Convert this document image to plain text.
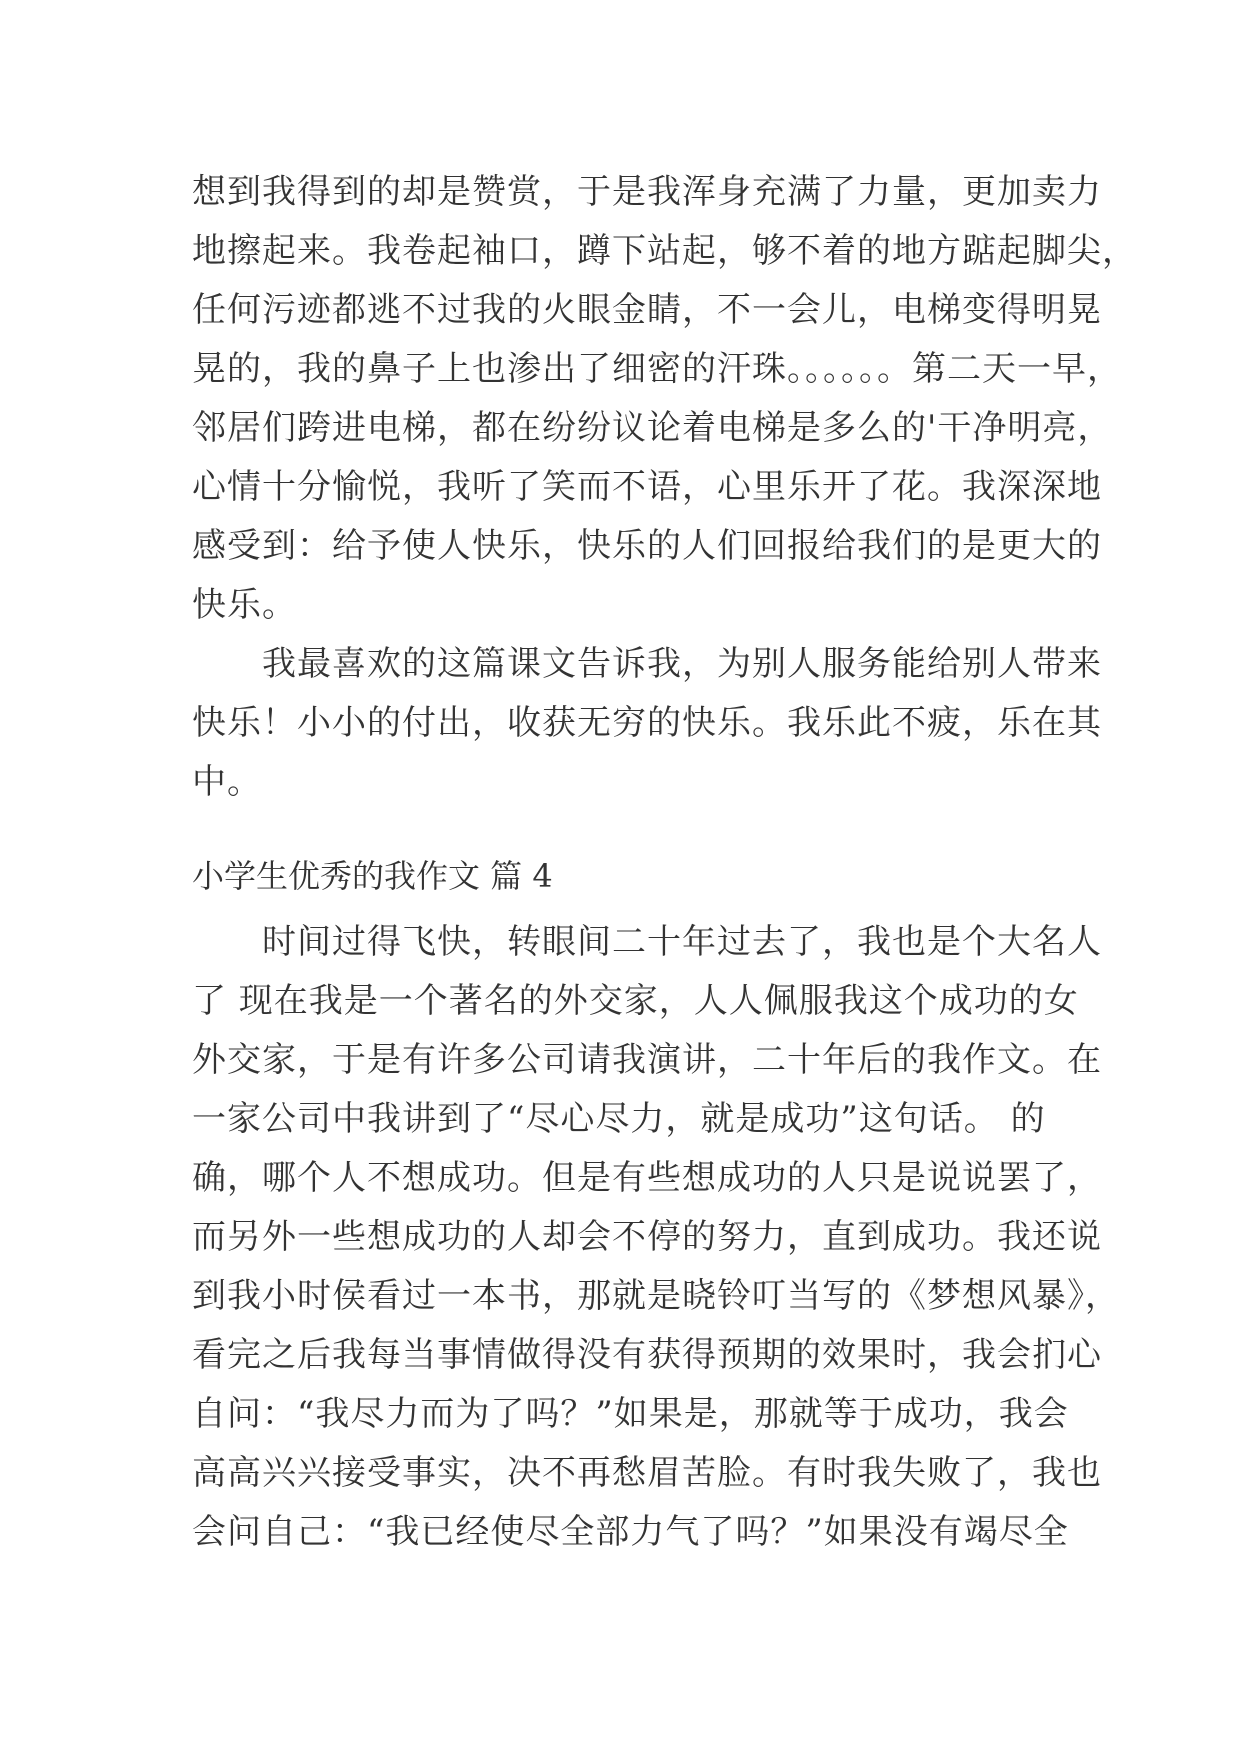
想到我得到的却是赞赏，于是我浑身充满了力量，更加卖力
地擦起来。我卷起袖口，蹲下站起，够不着的地方踮起脚尖，
任何污迹都逃不过我的火眼金睛，不一会儿，电梯变得明晃
晃的，我的鼻子上也渗出了细密的汗珠。。。。。。第二天一早，
邻居们跨进电梯，都在纷纷议论着电梯是多么的'干净明亮，
心情十分愉悦，我听了笑而不语，心里乐开了花。我深深地
感受到：给予使人快乐，快乐的人们回报给我们的是更大的
快乐。
　　我最喜欢的这篇课文告诉我，为别人服务能给别人带来
快乐！小小的付出，收获无穷的快乐。我乐此不疲，乐在其
中。
小学生优秀的我作文 篇 4
　　时间过得飞快，转眼间二十年过去了，我也是个大名人
了 现在我是一个著名的外交家，人人佩服我这个成功的女
外交家，于是有许多公司请我演讲，二十年后的我作文。在
一家公司中我讲到了“尽心尽力，就是成功”这句话。 的
确，哪个人不想成功。但是有些想成功的人只是说说罢了，
而另外一些想成功的人却会不停的努力，直到成功。我还说
到我小时侯看过一本书，那就是晓铃叮当写的《梦想风暴》，
看完之后我每当事情做得没有获得预期的效果时，我会扪心
自问：“我尽力而为了吗？”如果是，那就等于成功，我会
高高兴兴接受事实，决不再愁眉苦脸。有时我失败了，我也
会问自己：“我已经使尽全部力气了吗？”如果没有竭尽全
